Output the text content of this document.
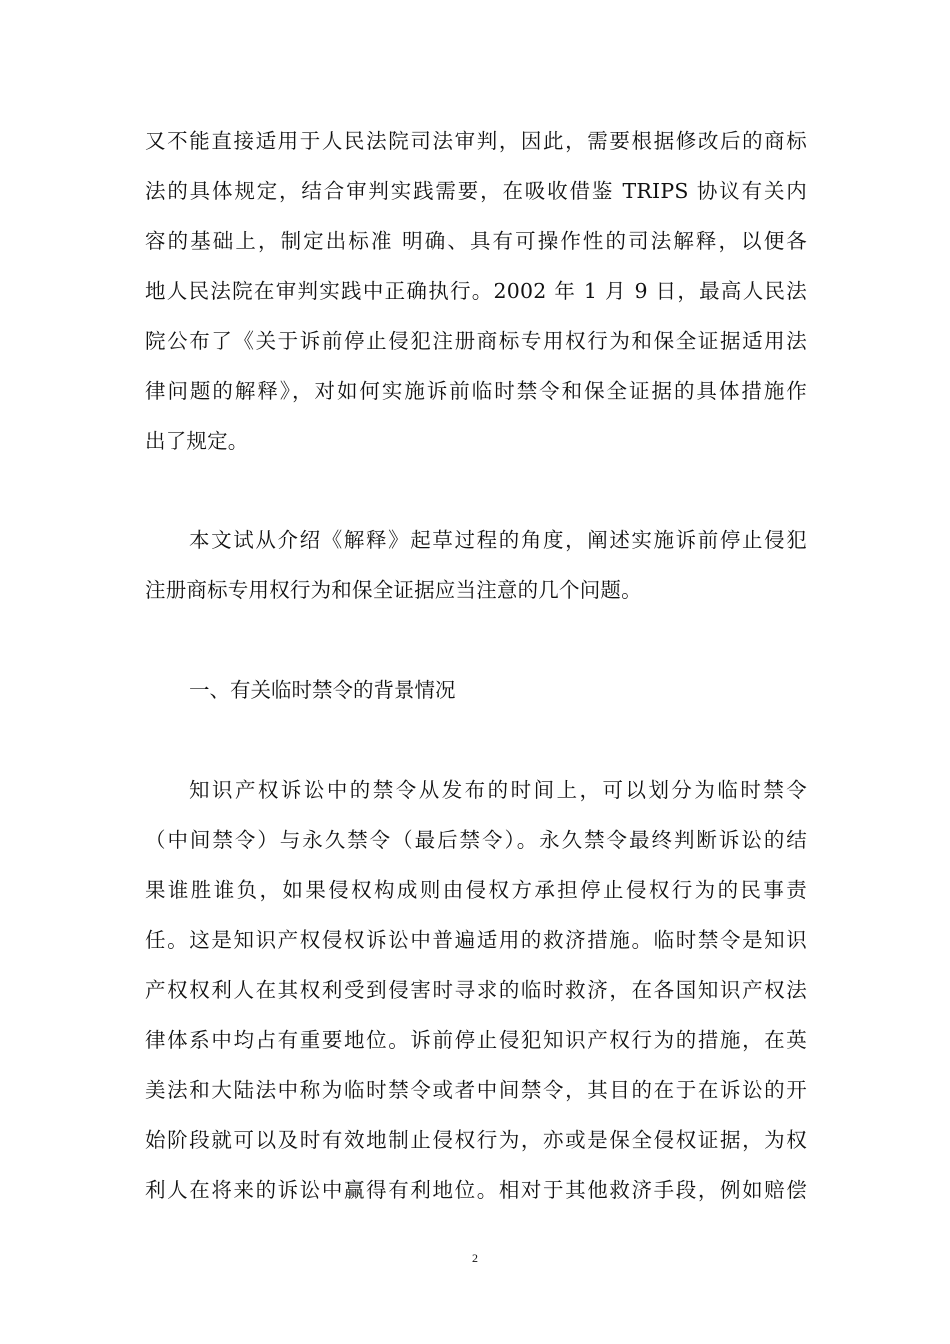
又不能直接适用于人民法院司法审判，因此，需要根据修改后的商标
法的具体规定，结合审判实践需要，在吸收借鉴 TRIPS 协议有关内
容的基础上，制定出标准 明确、具有可操作性的司法解释，以便各
地人民法院在审判实践中正确执行。2002 年 1 月 9 日，最高人民法
院公布了《关于诉前停止侵犯注册商标专用权行为和保全证据适用法
律问题的解释》，对如何实施诉前临时禁令和保全证据的具体措施作
出了规定。
本文试从介绍《解释》起草过程的角度，阐述实施诉前停止侵犯
注册商标专用权行为和保全证据应当注意的几个问题。
一、有关临时禁令的背景情况
知识产权诉讼中的禁令从发布的时间上，可以划分为临时禁令
（中间禁令）与永久禁令（最后禁令）。永久禁令最终判断诉讼的结
果谁胜谁负，如果侵权构成则由侵权方承担停止侵权行为的民事责
任。这是知识产权侵权诉讼中普遍适用的救济措施。临时禁令是知识
产权权利人在其权利受到侵害时寻求的临时救济，在各国知识产权法
律体系中均占有重要地位。诉前停止侵犯知识产权行为的措施，在英
美法和大陆法中称为临时禁令或者中间禁令，其目的在于在诉讼的开
始阶段就可以及时有效地制止侵权行为，亦或是保全侵权证据，为权
利人在将来的诉讼中赢得有利地位。相对于其他救济手段，例如赔偿
2
